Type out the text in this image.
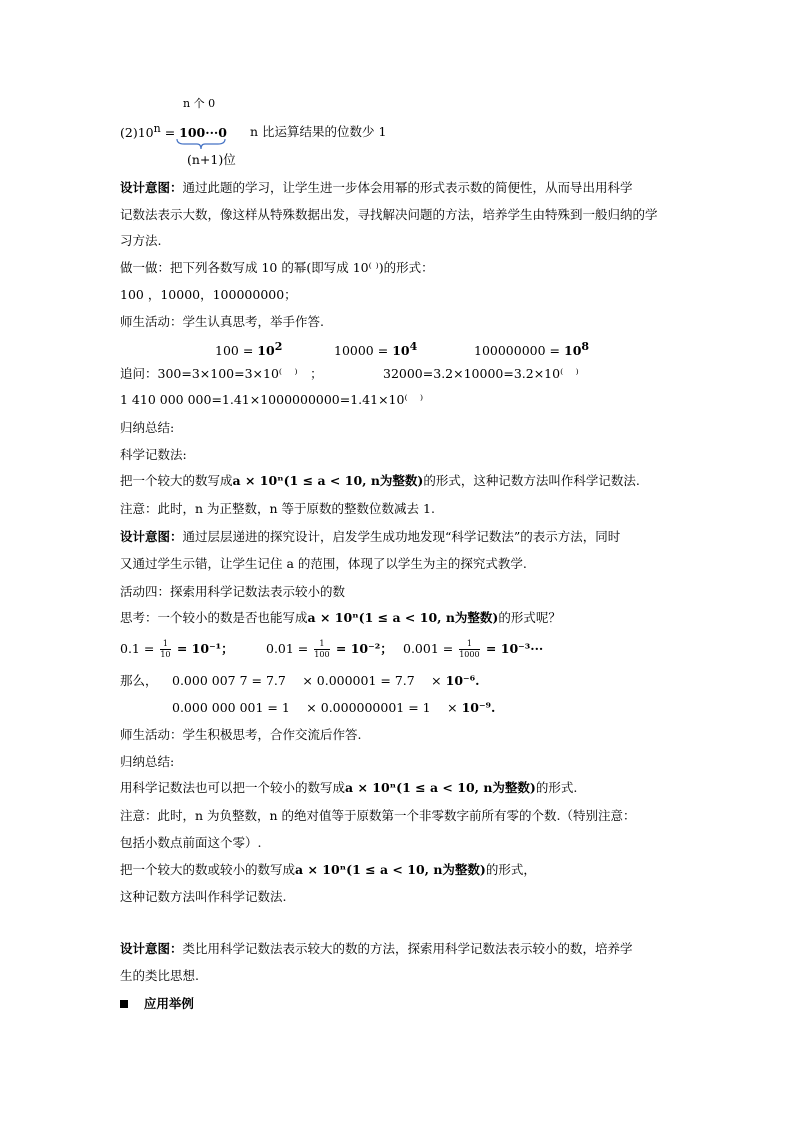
n 个 0
$(2)10^n = 100\cdot\cdot\cdot 0$ n 比运算结果的位数少 1
(n+1)位
设计意图：通过此题的学习，让学生进一步体会用幂的形式表示数的简便性，从而导出用科学
记数法表示大数，像这样从特殊数据出发，寻找解决问题的方法，培养学生由特殊到一般归纳的学
习方法.
做一做：把下列各数写成 10 的幂(即写成 10⁽ ⁾)的形式：
100 ，10000，100000000；
师生活动：学生认真思考，举手作答.
$100 = 10^2$	$10000 = 10^4$	$100000000 = 10^8$
追问：300=3×100=3×10⁽　⁾　；	32000=3.2×10000=3.2×10⁽　⁾
1 410 000 000=1.41×1000000000=1.41×10⁽　⁾
归纳总结:
科学记数法:
把一个较大的数写成a × 10ⁿ(1 ≤ a < 10, n为整数)的形式，这种记数方法叫作科学记数法.
注意：此时，n 为正整数，n 等于原数的整数位数减去 1.
设计意图：通过层层递进的探究设计，启发学生成功地发现“科学记数法”的表示方法，同时
又通过学生示错，让学生记住 a 的范围，体现了以学生为主的探究式教学.
活动四：探索用科学记数法表示较小的数
思考：一个较小的数是否也能写成a × 10ⁿ(1 ≤ a < 10, n为整数)的形式呢？
$0.1 = \frac{1}{10} = 10^{-1}$；	$0.01 = \frac{1}{100} = 10^{-2}$； $0.001 = \frac{1}{1000} = 10^{-3}\cdot\cdot\cdot$
那么， 0.000 007 7 = 7.7　 × 0.000001 = 7.7　 × 10⁻⁶.
0.000 000 001 = 1　 × 0.000000001 = 1　 × 10⁻⁹.
师生活动：学生积极思考，合作交流后作答.
归纳总结:
用科学记数法也可以把一个较小的数写成a × 10ⁿ(1 ≤ a < 10, n为整数)的形式.
注意：此时，n 为负整数，n 的绝对值等于原数第一个非零数字前所有零的个数.（特别注意：
包括小数点前面这个零）.
把一个较大的数或较小的数写成a × 10ⁿ(1 ≤ a < 10, n为整数)的形式，
这种记数方法叫作科学记数法.
设计意图：类比用科学记数法表示较大的数的方法，探索用科学记数法表示较小的数，培养学
生的类比思想.
应用举例
